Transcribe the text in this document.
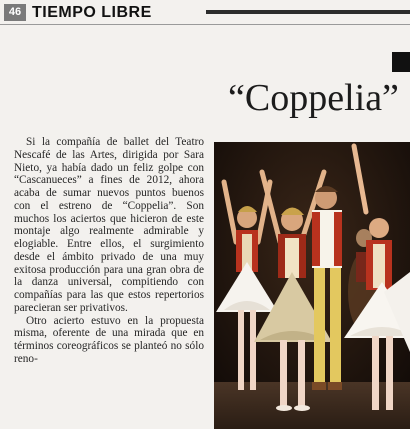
46 TIEMPO LIBRE
“Coppelia”

Si la compañía de ballet del Teatro Nescafé de las Artes, dirigida por Sara Nieto, ya había dado un feliz golpe con “Cascanueces” a fines de 2012, ahora acaba de sumar nuevos puntos buenos con el estreno de “Coppelia”. Son muchos los aciertos que hicieron de este montaje algo realmente admirable y elogiable. Entre ellos, el surgimiento desde el ámbito privado de una muy exitosa producción para una gran obra de la danza universal, compitiendo con compañías para las que estos repertorios parecieran ser privativos.

Otro acierto estuvo en la propuesta misma, oferente de una mirada que en términos coreográficos se planteó no sólo reno-
